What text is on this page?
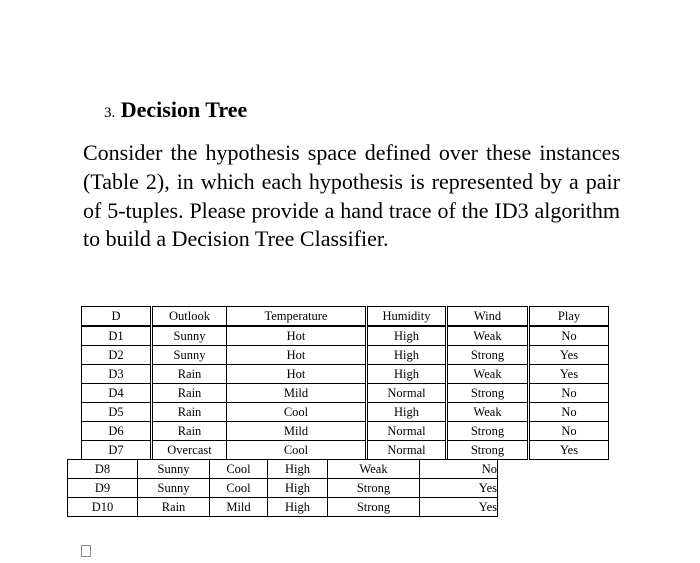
3. Decision Tree

Consider the hypothesis space defined over these instances (Table 2), in which each hypothesis is represented by a pair of 5-tuples. Please provide a hand trace of the ID3 algorithm to build a Decision Tree Classifier.

D	Outlook	Temperature	Humidity	Wind	Play
D1	Sunny	Hot	High	Weak	No
D2	Sunny	Hot	High	Strong	Yes
D3	Rain	Hot	High	Weak	Yes
D4	Rain	Mild	Normal	Strong	No
D5	Rain	Cool	High	Weak	No
D6	Rain	Mild	Normal	Strong	No
D7	Overcast	Cool	Normal	Strong	Yes
D8	Sunny	Cool	High	Weak	No
D9	Sunny	Cool	High	Strong	Yes
D10	Rain	Mild	High	Strong	Yes
